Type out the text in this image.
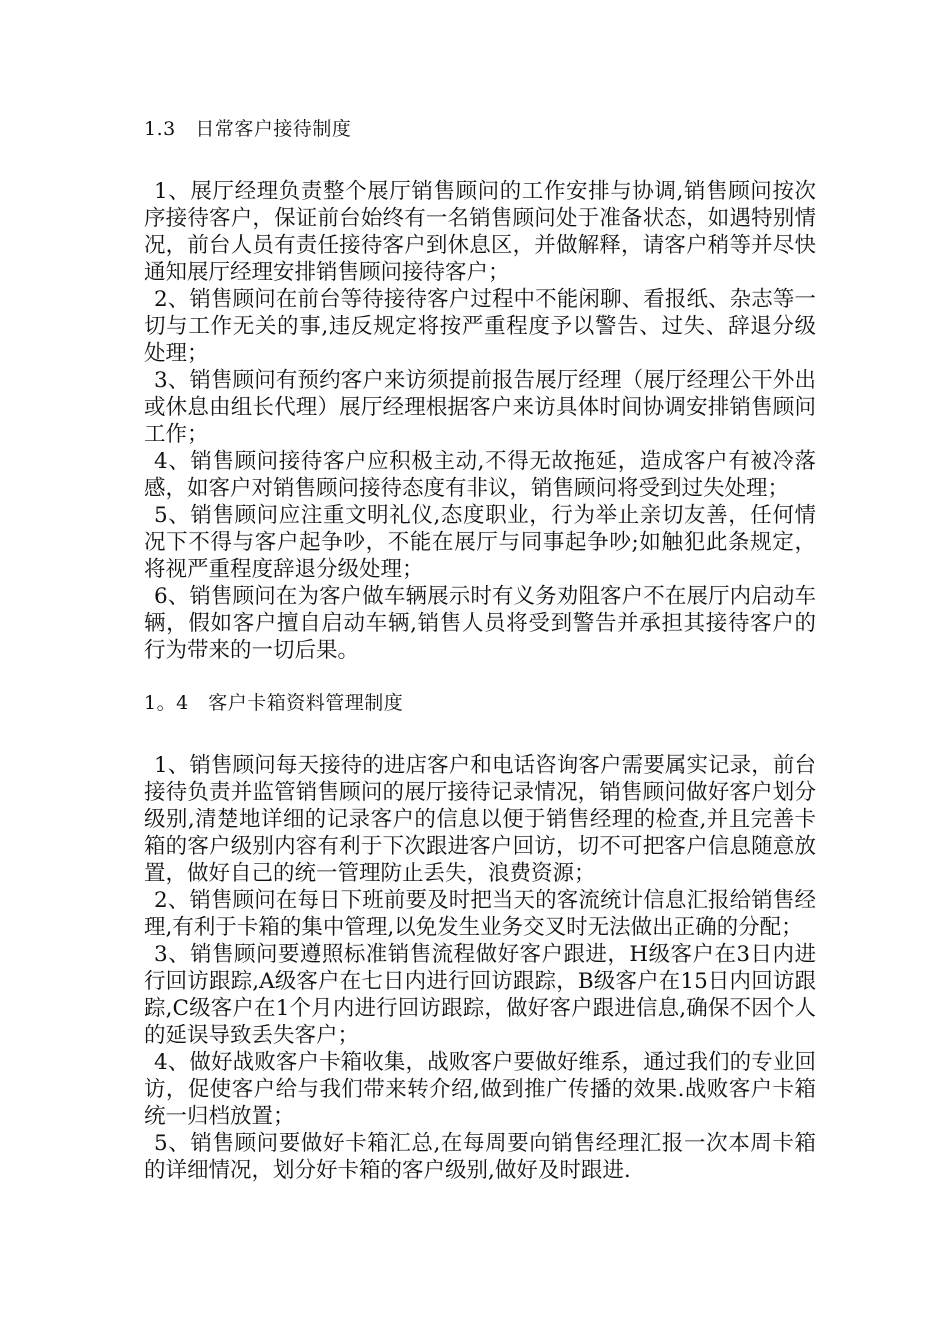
1.3   日常客户接待制度

1、展厅经理负责整个展厅销售顾问的工作安排与协调,销售顾问按次序接待客户，保证前台始终有一名销售顾问处于准备状态，如遇特别情况，前台人员有责任接待客户到休息区，并做解释，请客户稍等并尽快通知展厅经理安排销售顾问接待客户；

2、销售顾问在前台等待接待客户过程中不能闲聊、看报纸、杂志等一切与工作无关的事,违反规定将按严重程度予以警告、过失、辞退分级处理；

3、销售顾问有预约客户来访须提前报告展厅经理（展厅经理公干外出或休息由组长代理）展厅经理根据客户来访具体时间协调安排销售顾问工作；

4、销售顾问接待客户应积极主动,不得无故拖延，造成客户有被冷落感，如客户对销售顾问接待态度有非议，销售顾问将受到过失处理；

5、销售顾问应注重文明礼仪,态度职业，行为举止亲切友善，任何情况下不得与客户起争吵，不能在展厅与同事起争吵;如触犯此条规定，将视严重程度辞退分级处理；

6、销售顾问在为客户做车辆展示时有义务劝阻客户不在展厅内启动车辆，假如客户擅自启动车辆,销售人员将受到警告并承担其接待客户的行为带来的一切后果。

1。4   客户卡箱资料管理制度

1、销售顾问每天接待的进店客户和电话咨询客户需要属实记录，前台接待负责并监管销售顾问的展厅接待记录情况，销售顾问做好客户划分级别,清楚地详细的记录客户的信息以便于销售经理的检查,并且完善卡箱的客户级别内容有利于下次跟进客户回访，切不可把客户信息随意放置，做好自己的统一管理防止丢失，浪费资源；

2、销售顾问在每日下班前要及时把当天的客流统计信息汇报给销售经理,有利于卡箱的集中管理,以免发生业务交叉时无法做出正确的分配；

3、销售顾问要遵照标准销售流程做好客户跟进，H级客户在3日内进行回访跟踪,A级客户在七日内进行回访跟踪，B级客户在15日内回访跟踪,C级客户在1个月内进行回访跟踪，做好客户跟进信息,确保不因个人的延误导致丢失客户；

4、做好战败客户卡箱收集，战败客户要做好维系，通过我们的专业回访，促使客户给与我们带来转介绍,做到推广传播的效果.战败客户卡箱统一归档放置；

5、销售顾问要做好卡箱汇总,在每周要向销售经理汇报一次本周卡箱的详细情况，划分好卡箱的客户级别,做好及时跟进.
